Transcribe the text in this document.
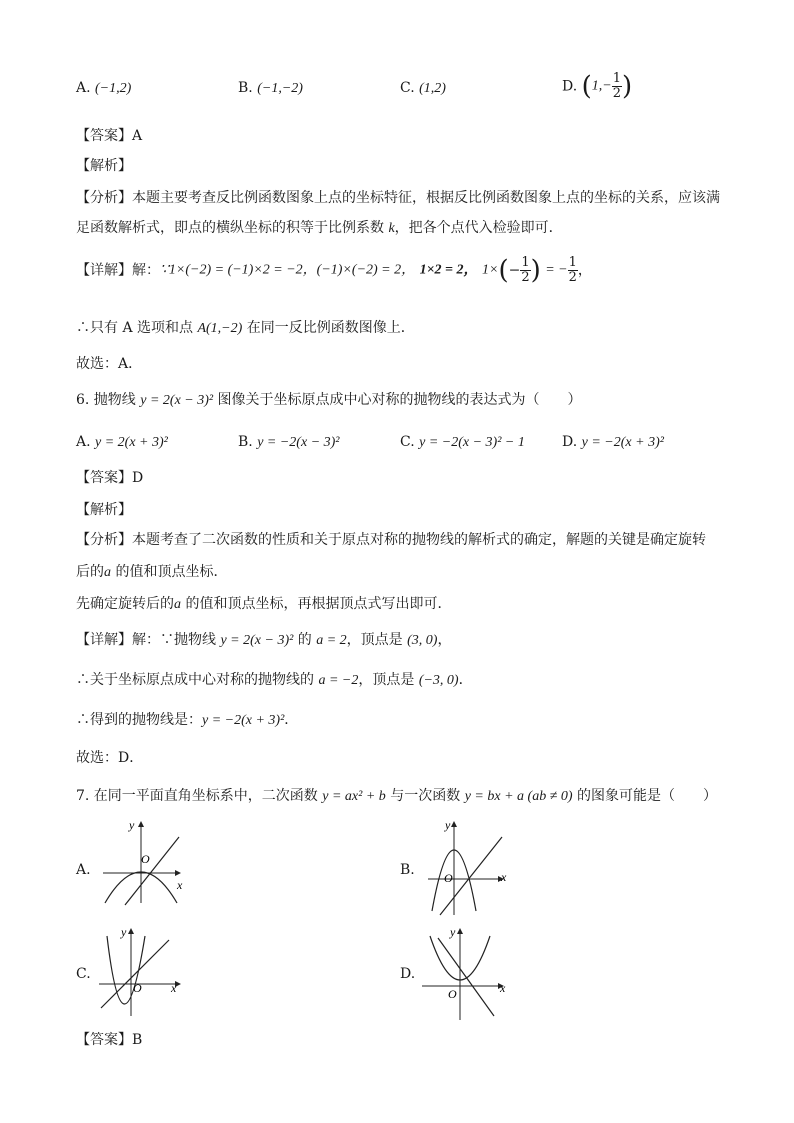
A. (−1,2)	B. (−1,−2)	C. (1,2)	D. ($1,- \frac{1}{2}$ )
【答案】A
【解析】
【分析】本题主要考查反比例函数图象上点的坐标特征，根据反比例函数图象上点的坐标的关系，应该满
足函数解析式，即点的横纵坐标的积等于比例系数 k，把各个点代入检验即可．
【详解】解：∵1×(−2) = (−1)×2 = −2，(−1)×(−2) = 2， 1×2 = 2， $1\times(- \frac{1}{2}$ ) = − $\frac{1}{2}$ ，
∴只有 A 选项和点 A(1,−2) 在同一反比例函数图像上．
故选：A．
6. 抛物线 y = 2(x − 3)² 图像关于坐标原点成中心对称的抛物线的表达式为（　　）
A. y = 2(x + 3)²	B. y = −2(x − 3)²	C. y = −2(x − 3)² − 1	D. y = −2(x + 3)²
【答案】D
【解析】
【分析】本题考查了二次函数的性质和关于原点对称的抛物线的解析式的确定，解题的关键是确定旋转
后的a 的值和顶点坐标．
先确定旋转后的a 的值和顶点坐标，再根据顶点式写出即可．
【详解】解：∵抛物线 y = 2(x − 3)² 的 a = 2，顶点是 (3, 0)，
∴关于坐标原点成中心对称的抛物线的 a = −2，顶点是 (−3, 0)．
∴得到的抛物线是：y = −2(x + 3)²．
故选：D．
7. 在同一平面直角坐标系中，二次函数 y = ax² + b 与一次函数 y = bx + a (ab ≠ 0) 的图象可能是（　　）
A.
x
y
O
B.	x
y
O
C.
x
y
O
D.
x
y
O
【答案】B
